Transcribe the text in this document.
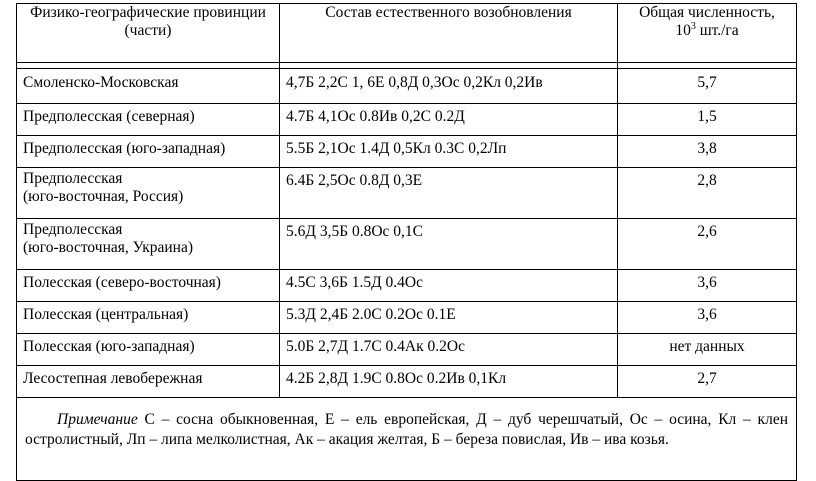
Физико-географические провинции (части)	Состав естественного возобновления	Общая численность,
$10^3$ шт./га

Смоленско-Московская	4,7Б 2,2С 1, 6Е 0,8Д 0,3Ос 0,2Кл 0,2Ив	5,7
Предполесская (северная)	4.7Б 4,1Ос 0.8Ив 0,2С 0.2Д	1,5
Предполесская (юго-западная)	5.5Б 2,1Ос 1.4Д 0,5Кл 0.3С 0,2Лп	3,8
Предполесская
(юго-восточная, Россия)	6.4Б 2,5Ос 0.8Д 0,3Е	2,8
Предполесская
(юго-восточная, Украина)	5.6Д 3,5Б 0.8Ос 0,1С	2,6
Полесская (северо-восточная)	4.5С 3,6Б 1.5Д 0.4Ос	3,6
Полесская (центральная)	5.3Д 2,4Б 2.0С 0.2Ос 0.1Е	3,6
Полесская (юго-западная)	5.0Б 2,7Д 1.7С 0.4Ак 0.2Ос	нет данных
Лесостепная левобережная	4.2Б 2,8Д 1.9С 0.8Ос 0.2Ив 0,1Кл	2,7
Примечание С – сосна обыкновенная, Е – ель европейская, Д – дуб черешчатый, Ос – осина, Кл – клен остролистный, Лп – липа мелколистная, Ак – акация желтая, Б – береза повислая, Ив – ива козья.		
